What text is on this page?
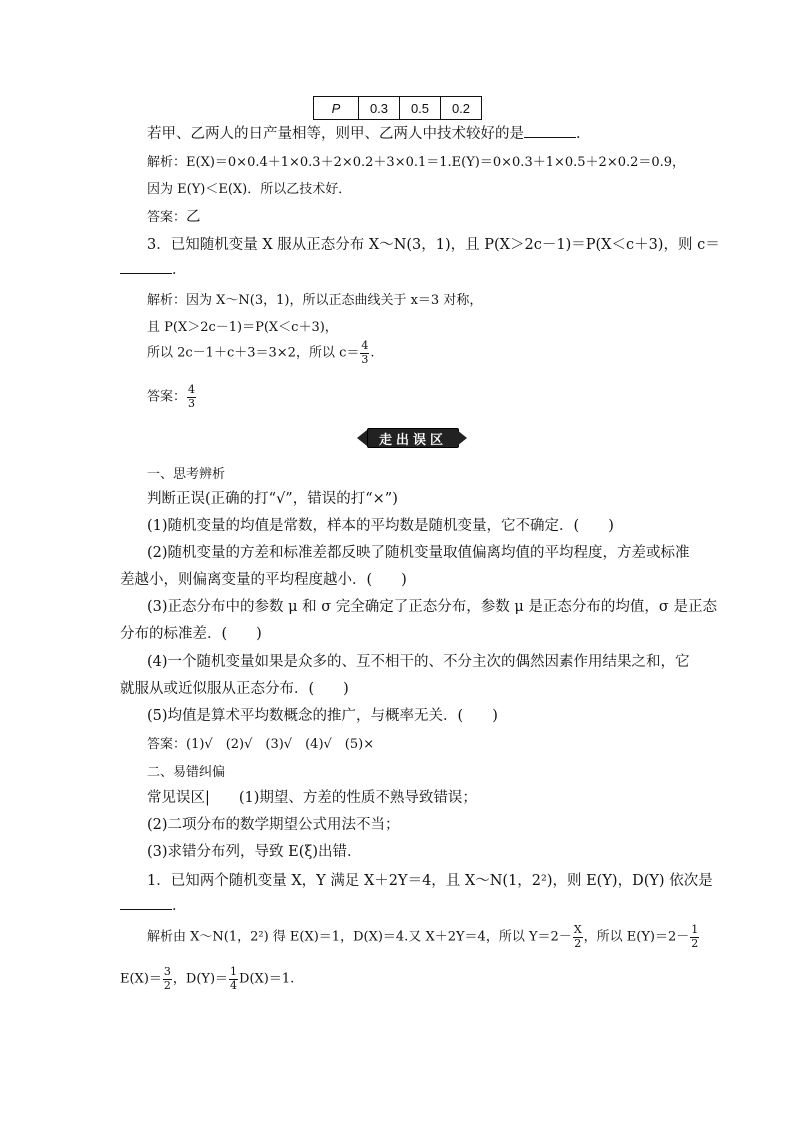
P	0.3	0.5	0.2
若甲、乙两人的日产量相等，则甲、乙两人中技术较好的是	．
解析：E(X)＝0×0.4＋1×0.3＋2×0.2＋3×0.1＝1.E(Y)＝0×0.3＋1×0.5＋2×0.2＝0.9，
因为 E(Y)＜E(X)．所以乙技术好．
答案：乙
3．已知随机变量 X 服从正态分布 X～N(3，1)，且 P(X＞2c－1)＝P(X＜c＋3)，则 c＝
．
解析：因为 X～N(3，1)，所以正态曲线关于 x＝3 对称，
且 P(X＞2c－1)＝P(X＜c＋3)，
所以 2c－1＋c＋3＝3×2，所以 $c= \frac{4}{3}$ .
答案： $\frac{4}{3}$
走出误区
一、思考辨析
判断正误(正确的打“√”，错误的打“×”)
(1)随机变量的均值是常数，样本的平均数是随机变量，它不确定．(　　)
(2)随机变量的方差和标准差都反映了随机变量取值偏离均值的平均程度，方差或标准
差越小，则偏离变量的平均程度越小．(　　)
(3)正态分布中的参数 μ 和 σ 完全确定了正态分布，参数 μ 是正态分布的均值，σ 是正态
分布的标准差．(　　)
(4)一个随机变量如果是众多的、互不相干的、不分主次的偶然因素作用结果之和，它
就服从或近似服从正态分布．(　　)
(5)均值是算术平均数概念的推广，与概率无关．(　　)
答案：(1)√　(2)√　(3)√　(4)√　(5)×
二、易错纠偏
常见误区|　　(1)期望、方差的性质不熟导致错误；
(2)二项分布的数学期望公式用法不当；
(3)求错分布列，导致 E(ξ)出错．
1．已知两个随机变量 X，Y 满足 X＋2Y＝4，且 X～N(1，2²)，则 E(Y)，D(Y) 依次是
．
解析由 X～N(1，2²) 得 E(X)＝1，D(X)＝4.又 X＋2Y＝4，所以 $Y=2- \frac{X}{2}$ ，所以 $E(Y)=2- \frac{1}{2}$
$E(X)= \frac{3}{2}$ ，$D(Y)= \frac{1}{4} D(X)=1$.
